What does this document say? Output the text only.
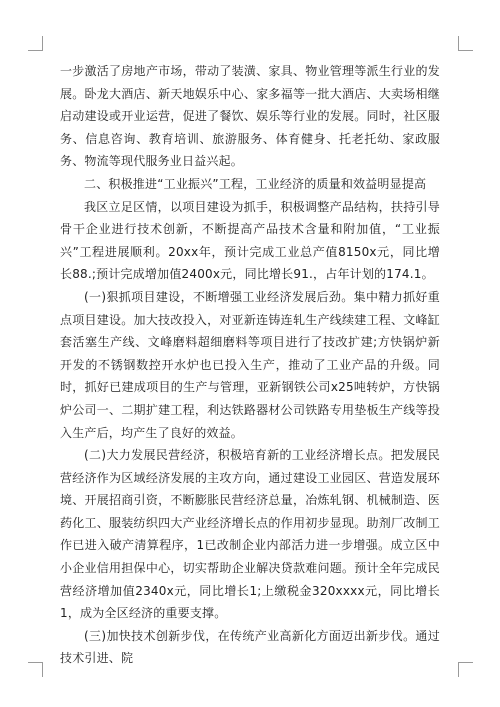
一步激活了房地产市场，带动了装潢、家具、物业管理等派生行业的发展。卧龙大酒店、新天地娱乐中心、家多福等一批大酒店、大卖场相继启动建设或开业运营，促进了餐饮、娱乐等行业的发展。同时，社区服务、信息咨询、教育培训、旅游服务、体育健身、托老托幼、家政服务、物流等现代服务业日益兴起。

二、积极推进“工业振兴”工程，工业经济的质量和效益明显提高

我区立足区情，以项目建设为抓手，积极调整产品结构，扶持引导骨干企业进行技术创新，不断提高产品技术含量和附加值，“工业振兴”工程进展顺利。20xx年，预计完成工业总产值8150x元，同比增长88.;预计完成增加值2400x元，同比增长91.，占年计划的174.1。

(一)狠抓项目建设，不断增强工业经济发展后劲。集中精力抓好重点项目建设。加大技改投入，对亚新连铸连轧生产线续建工程、文峰缸套活塞生产线、文峰磨料超细磨料等项目进行了技改扩建;方快锅炉新开发的不锈钢数控开水炉也已投入生产，推动了工业产品的升级。同时，抓好已建成项目的生产与管理，亚新钢铁公司x25吨转炉，方快锅炉公司一、二期扩建工程，利达铁路器材公司铁路专用垫板生产线等投入生产后，均产生了良好的效益。

(二)大力发展民营经济，积极培育新的工业经济增长点。把发展民营经济作为区域经济发展的主攻方向，通过建设工业园区、营造发展环境、开展招商引资，不断膨胀民营经济总量，冶炼轧钢、机械制造、医药化工、服装纺织四大产业经济增长点的作用初步显现。助剂厂改制工作已进入破产清算程序，1已改制企业内部活力进一步增强。成立区中小企业信用担保中心，切实帮助企业解决贷款难问题。预计全年完成民营经济增加值2340x元，同比增长1;上缴税金320xxxx元，同比增长1，成为全区经济的重要支撑。

(三)加快技术创新步伐，在传统产业高新化方面迈出新步伐。通过技术引进、院
